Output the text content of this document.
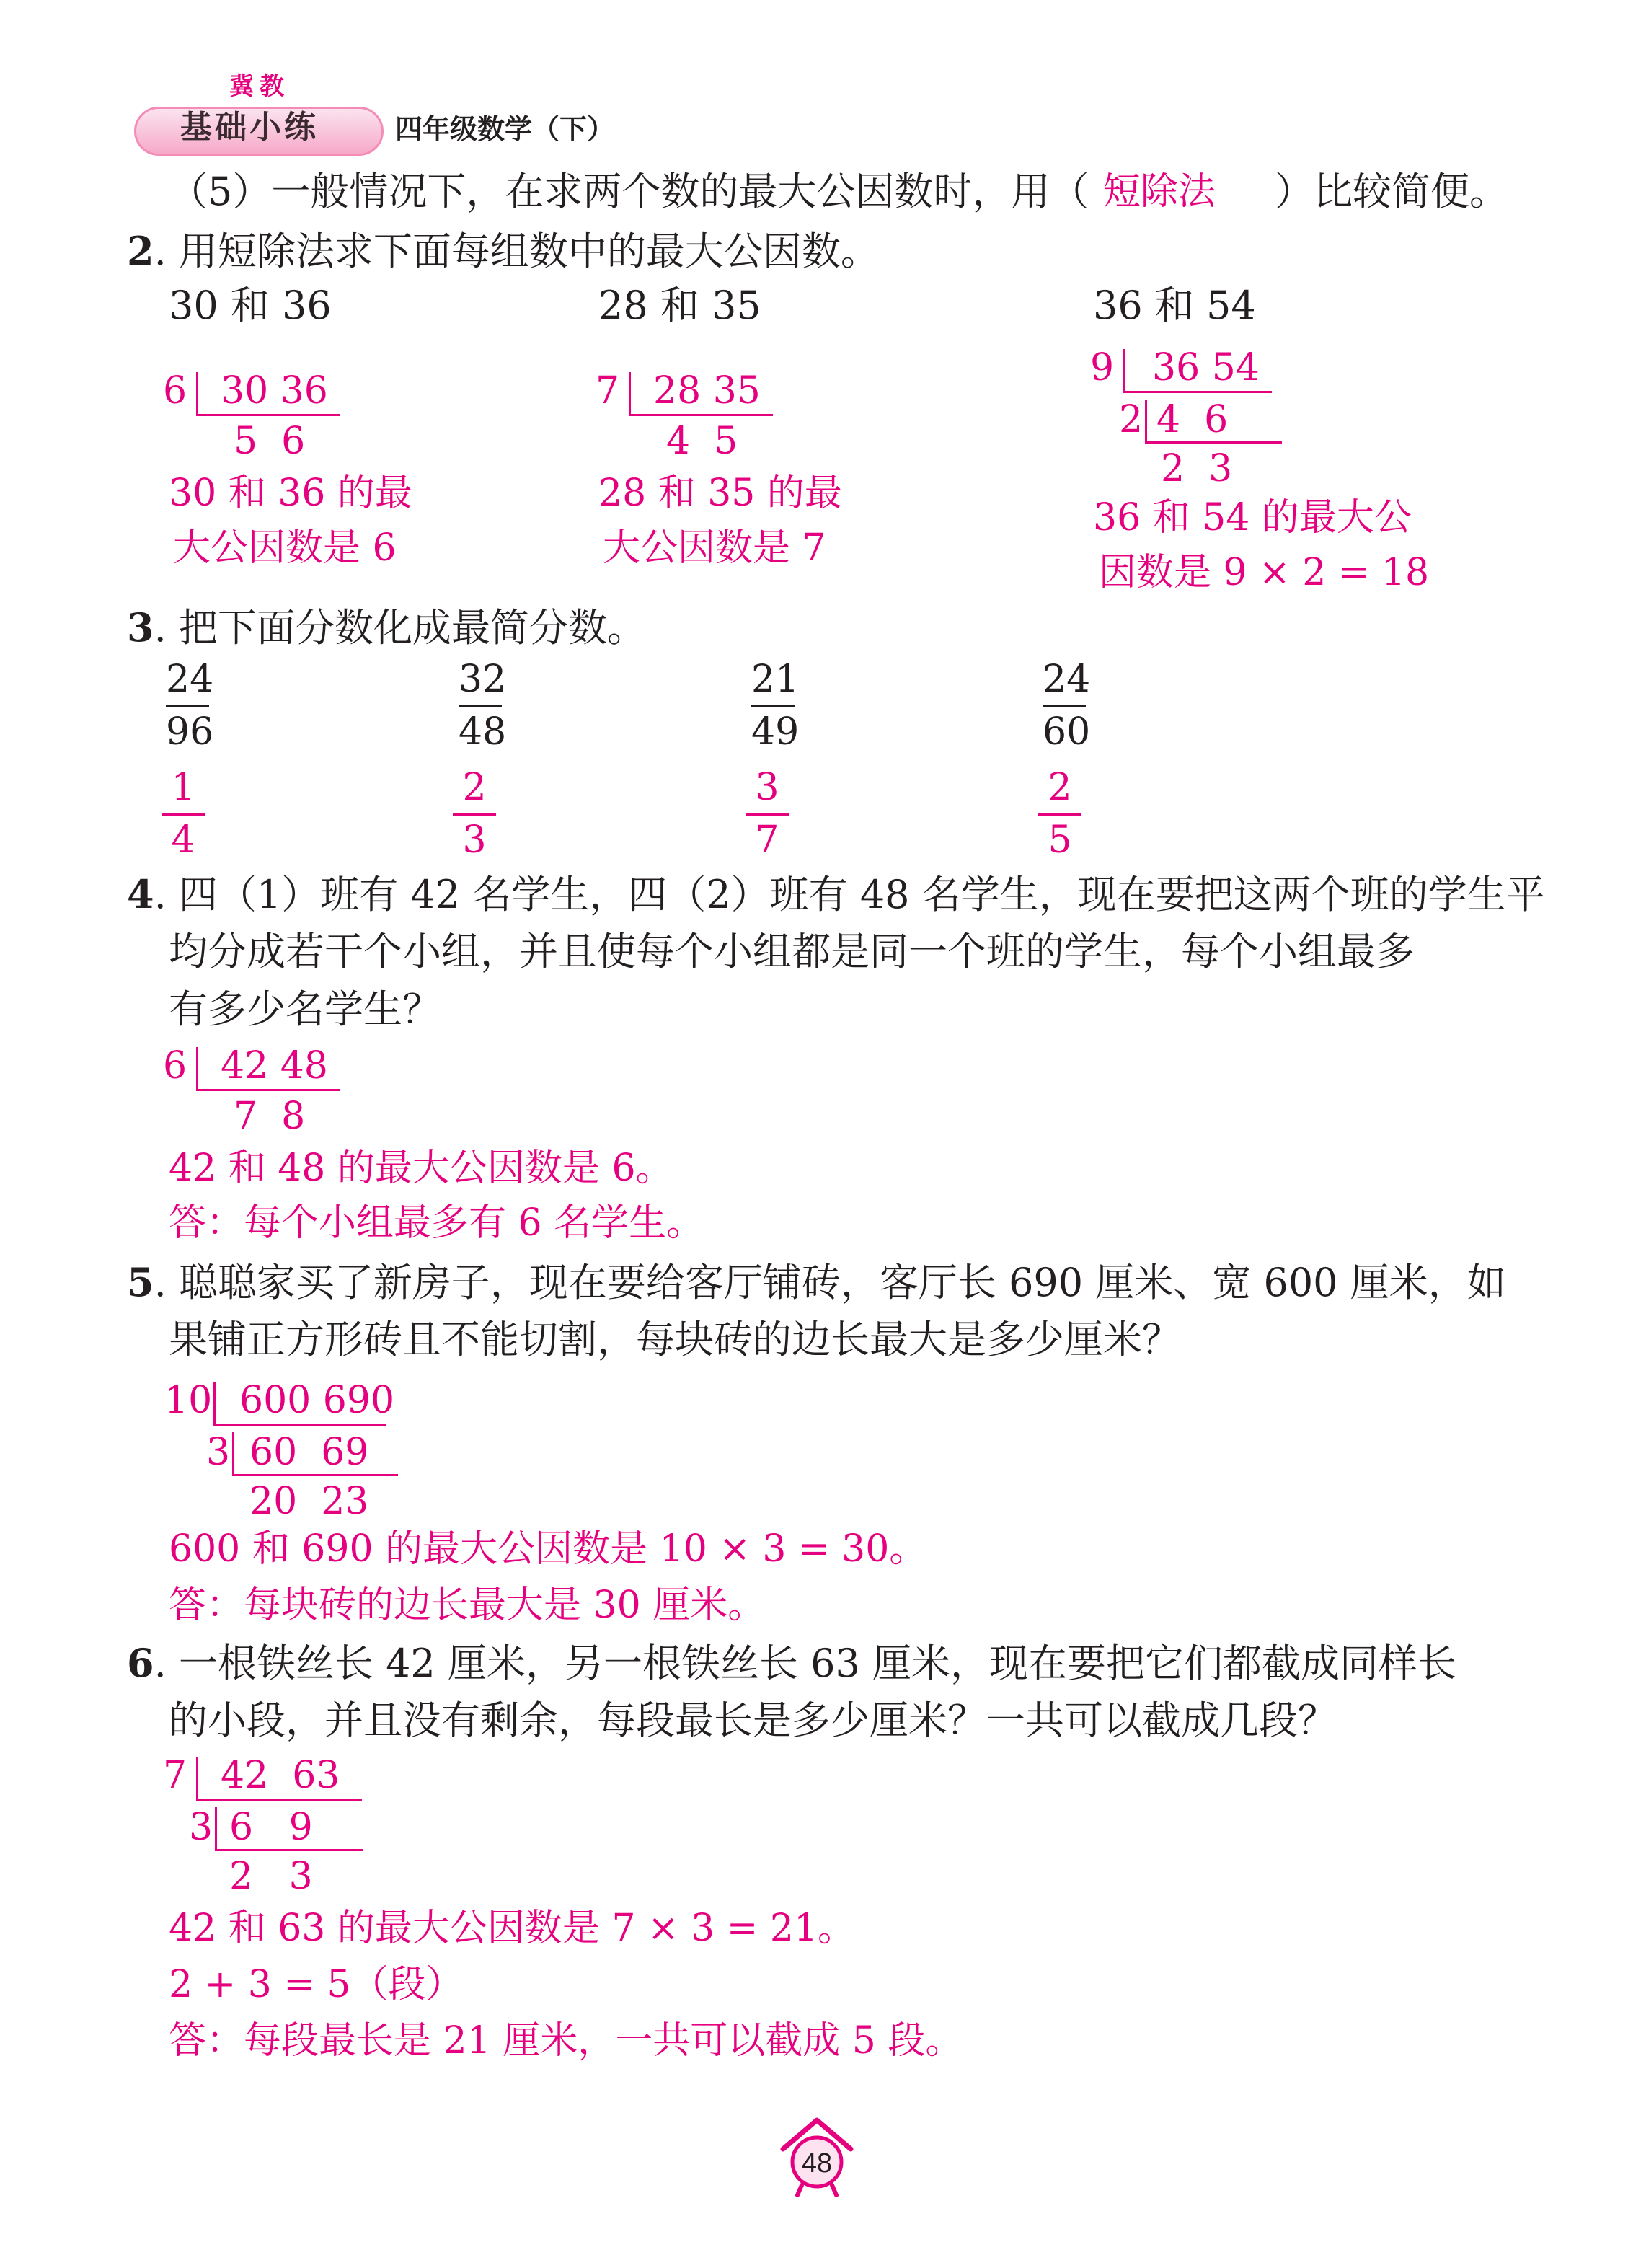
冀教
基础小练	四年级数学（下）
（5）一般情况下，在求两个数的最大公因数时，用（ 短除法 ）比较简便。
2. 用短除法求下面每组数中的最大公因数。
30 和 36
6 30 36
5  6
30 和 36 的最
大公因数是 6
28 和 35
7 28 35
4  5
28 和 35 的最
大公因数是 7
36 和 54
9 36 54
2 4  6
2  3
36 和 54 的最大公
因数是 9 × 2 = 18
3. 把下面分数化成最简分数。
24
96
32
48
21
49
24
60
1
4
2
3
3
7
2
5
4. 四（1）班有 42 名学生，四（2）班有 48 名学生，现在要把这两个班的学生平
均分成若干个小组，并且使每个小组都是同一个班的学生，每个小组最多
有多少名学生？
6 42 48
7  8
42 和 48 的最大公因数是 6。
答：每个小组最多有 6 名学生。
5. 聪聪家买了新房子，现在要给客厅铺砖，客厅长 690 厘米、宽 600 厘米，如
果铺正方形砖且不能切割，每块砖的边长最大是多少厘米？
10 600 690
3 60  69
20  23
600 和 690 的最大公因数是 10 × 3 = 30。
答：每块砖的边长最大是 30 厘米。
6. 一根铁丝长 42 厘米，另一根铁丝长 63 厘米，现在要把它们都截成同样长
的小段，并且没有剩余，每段最长是多少厘米？一共可以截成几段？
7 42  63
3 6   9
2   3
42 和 63 的最大公因数是 7 × 3 = 21。
2 + 3 = 5（段）
答：每段最长是 21 厘米，一共可以截成 5 段。
48
